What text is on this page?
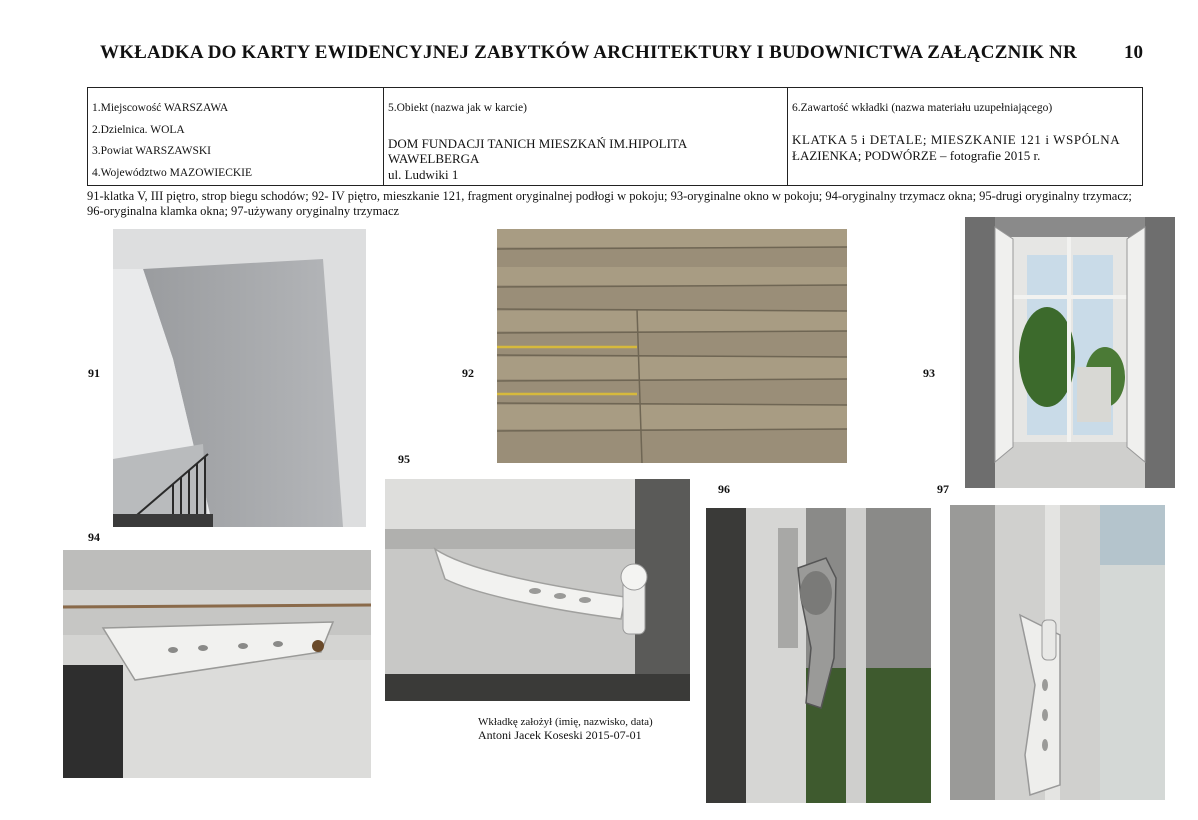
WKŁADKA DO KARTY EWIDENCYJNEJ ZABYTKÓW ARCHITEKTURY I BUDOWNICTWA ZAŁĄCZNIK NR 10
1.Miejscowość WARSZAWA
2.Dzielnica. WOLA
3.Powiat WARSZAWSKI
4.Województwo MAZOWIECKIE

5.Obiekt (nazwa jak w karcie)
DOM FUNDACJI TANICH MIESZKAŃ IM.HIPOLITA
WAWELBERGA
ul. Ludwiki 1

6.Zawartość wkładki (nazwa materiału uzupełniającego)
KLATKA 5 i DETALE; MIESZKANIE 121 i WSPÓLNA
ŁAZIENKA; PODWÓRZE – fotografie 2015 r.
91-klatka V, III piętro, strop biegu schodów; 92- IV piętro, mieszkanie 121, fragment oryginalnej podłogi w pokoju; 93-oryginalne okno w pokoju; 94-oryginalny trzymacz okna; 95-drugi oryginalny trzymacz; 96-oryginalna klamka okna; 97-używany oryginalny trzymacz
91	92	93
94
95
96	97
Wkładkę założył (imię, nazwisko, data)
Antoni Jacek Koseski 2015-07-01
